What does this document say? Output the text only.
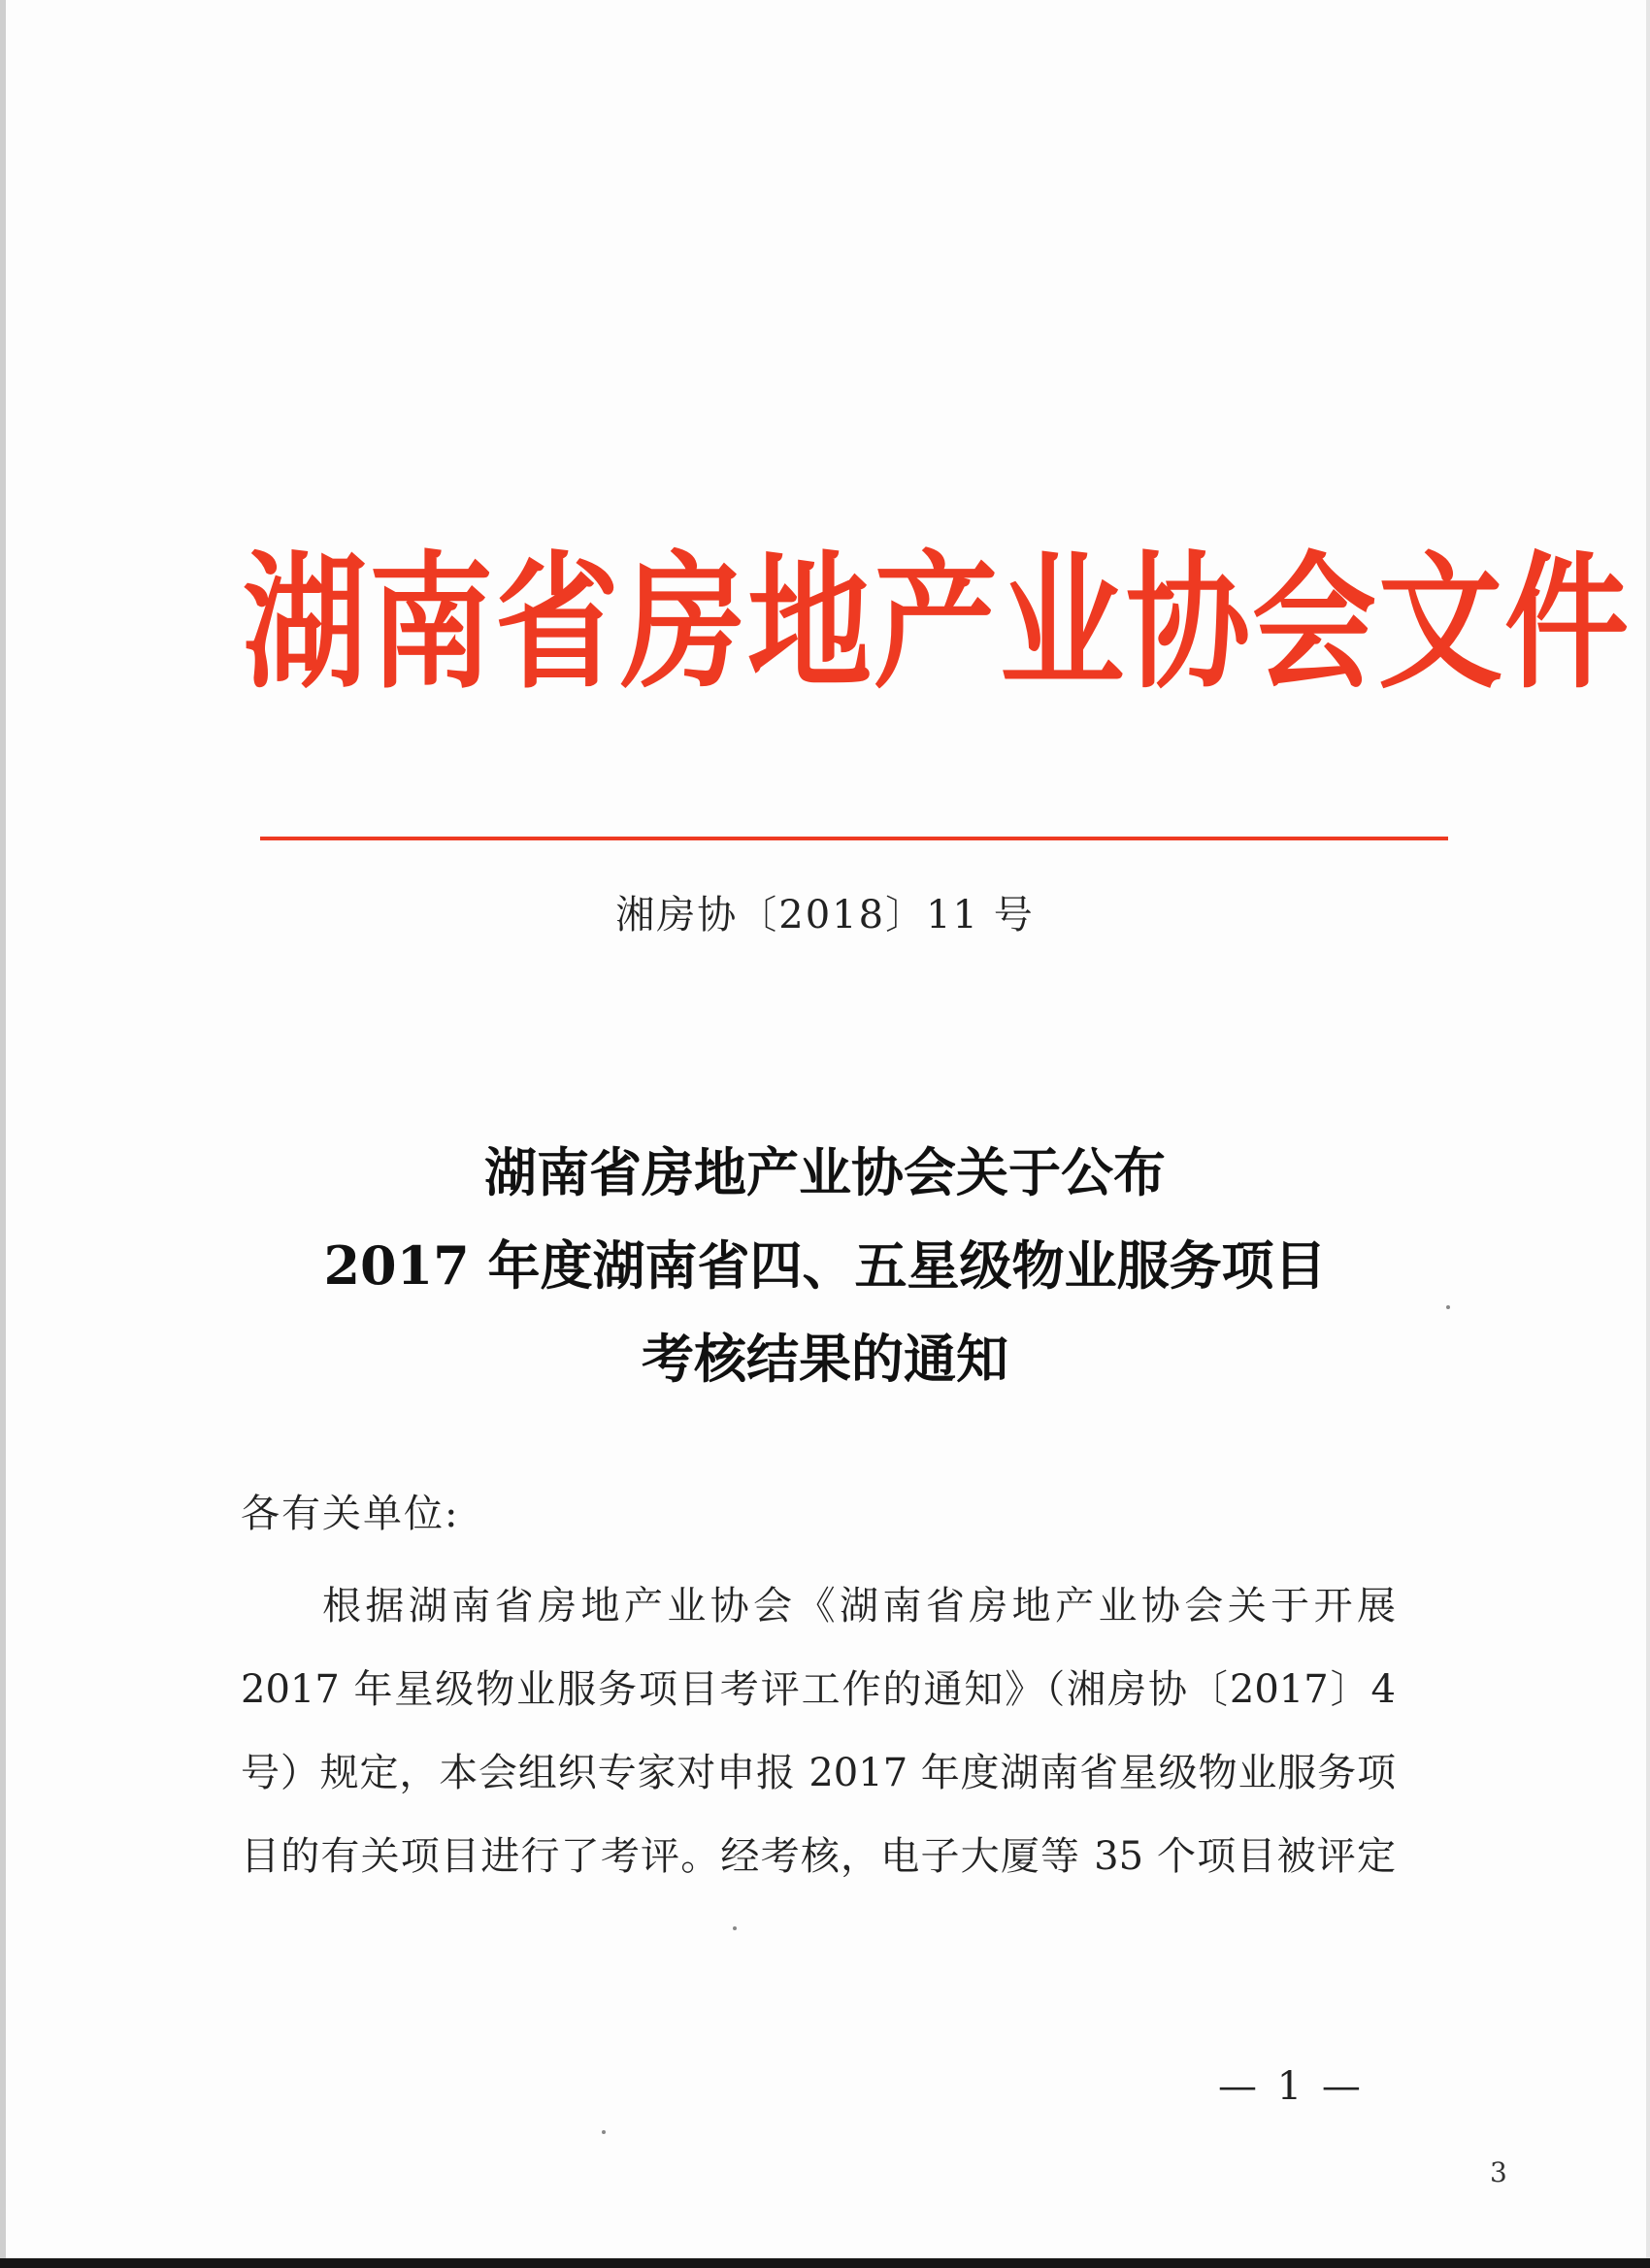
湖南省房地产业协会文件
湘房协〔2018〕11 号
湖南省房地产业协会关于公布
2017 年度湖南省四、五星级物业服务项目
考核结果的通知
各有关单位:
根据湖南省房地产业协会《湖南省房地产业协会关于开展
2017 年星级物业服务项目考评工作的通知》（湘房协〔2017〕4
号）规定，本会组织专家对申报 2017 年度湖南省星级物业服务项
目的有关项目进行了考评。经考核，电子大厦等 35 个项目被评定
— 1 —
3
